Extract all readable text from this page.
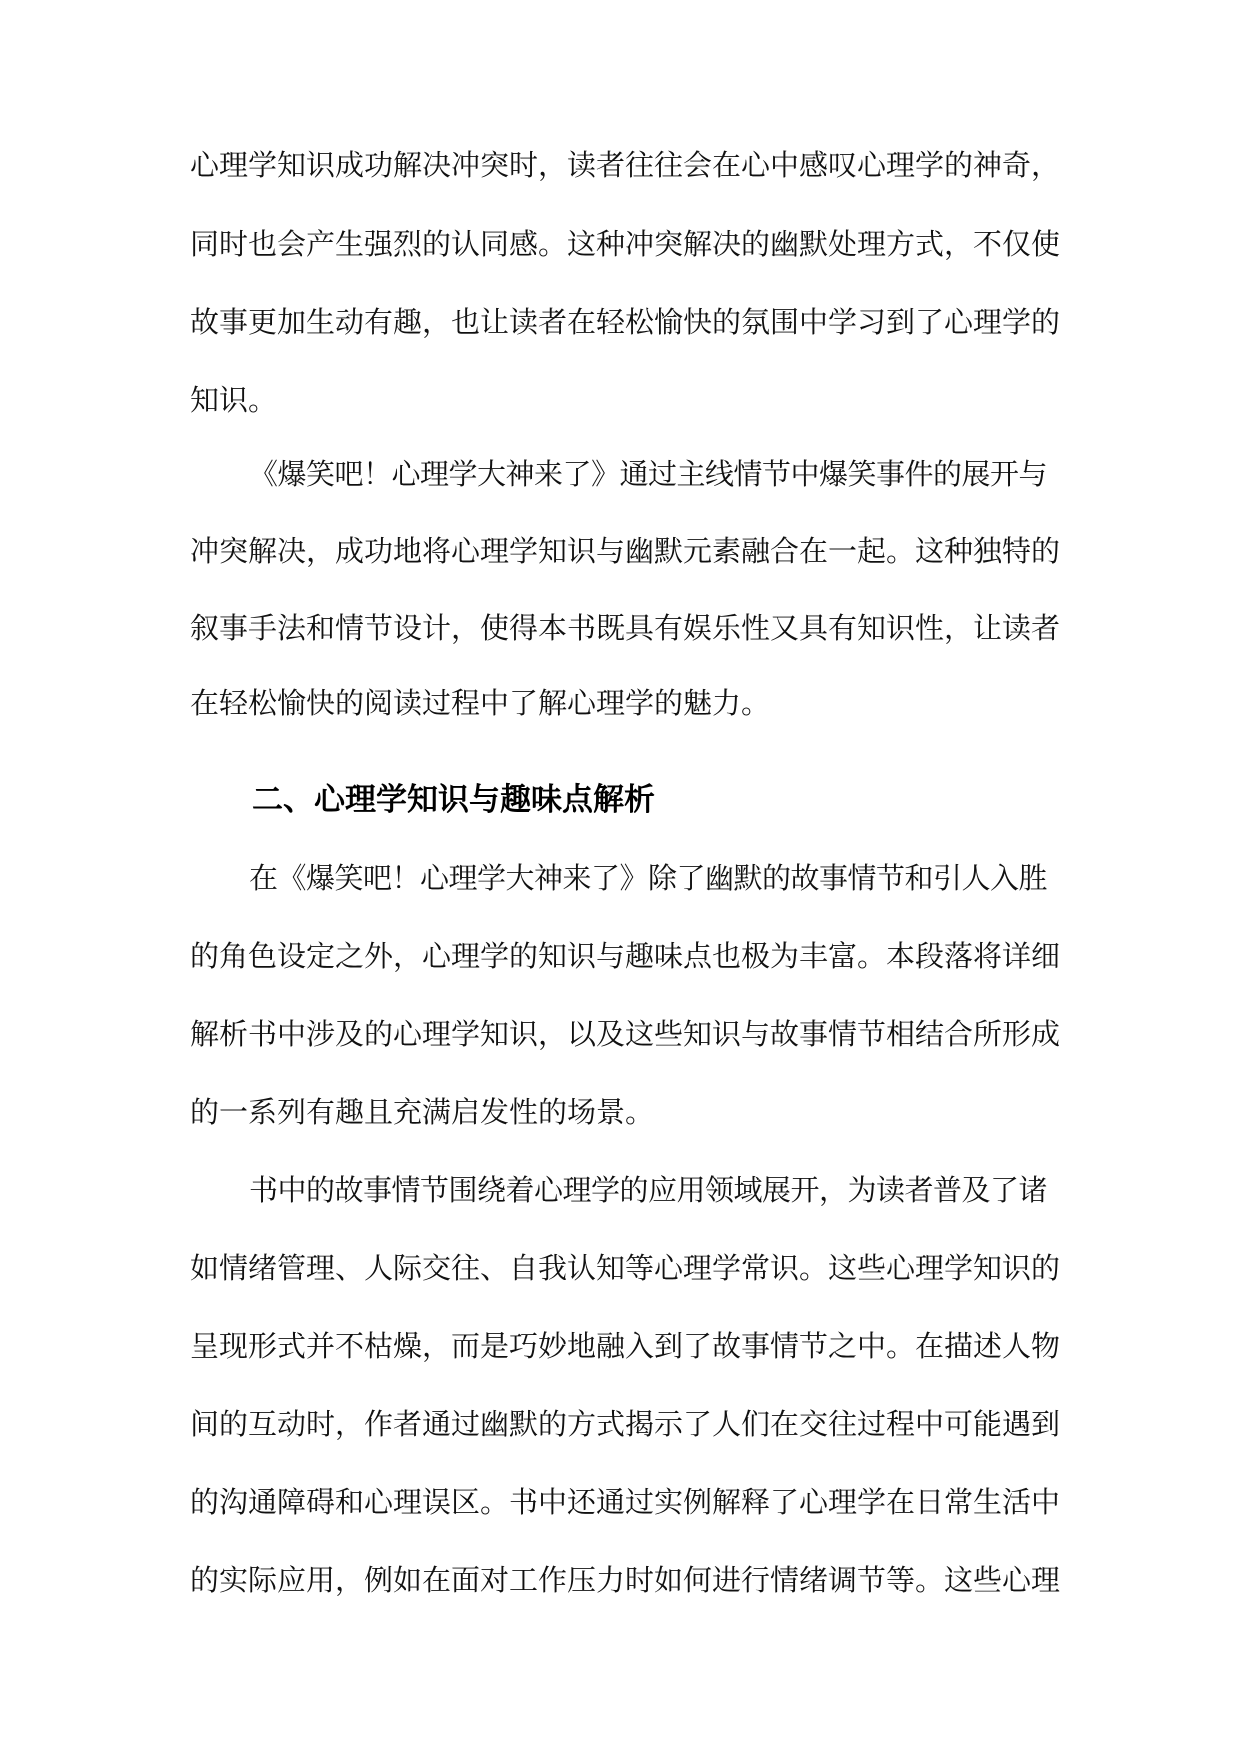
心理学知识成功解决冲突时，读者往往会在心中感叹心理学的神奇，

同时也会产生强烈的认同感。这种冲突解决的幽默处理方式，不仅使

故事更加生动有趣，也让读者在轻松愉快的氛围中学习到了心理学的

知识。

《爆笑吧！心理学大神来了》通过主线情节中爆笑事件的展开与

冲突解决，成功地将心理学知识与幽默元素融合在一起。这种独特的

叙事手法和情节设计，使得本书既具有娱乐性又具有知识性，让读者

在轻松愉快的阅读过程中了解心理学的魅力。

二、心理学知识与趣味点解析

在《爆笑吧！心理学大神来了》除了幽默的故事情节和引人入胜

的角色设定之外，心理学的知识与趣味点也极为丰富。本段落将详细

解析书中涉及的心理学知识，以及这些知识与故事情节相结合所形成

的一系列有趣且充满启发性的场景。

书中的故事情节围绕着心理学的应用领域展开，为读者普及了诸

如情绪管理、人际交往、自我认知等心理学常识。这些心理学知识的

呈现形式并不枯燥，而是巧妙地融入到了故事情节之中。在描述人物

间的互动时，作者通过幽默的方式揭示了人们在交往过程中可能遇到

的沟通障碍和心理误区。书中还通过实例解释了心理学在日常生活中

的实际应用，例如在面对工作压力时如何进行情绪调节等。这些心理
